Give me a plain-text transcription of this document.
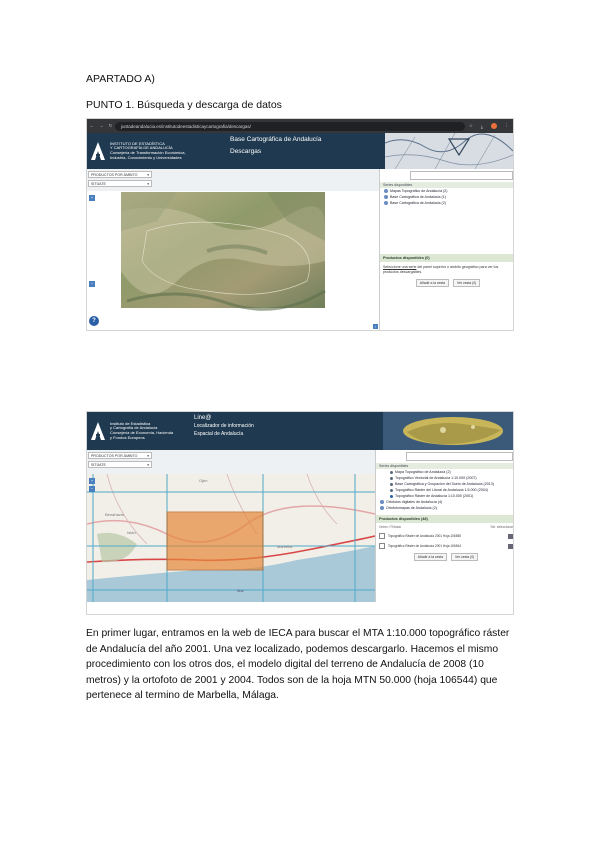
APARTADO A)
PUNTO 1. Búsqueda y descarga de datos
← → ↻	juntadeandalucia.es/institutodeestadisticaycartografia/descargas/	☆ ⤓	⋮
INSTITUTO DE ESTADÍSTICA
Y CARTOGRAFÍA DE ANDALUCÍA
Consejería de Transformación Económica,
Industria, Conocimiento y Universidades
Base Cartográfica de Andalucía
Descargas
PRODUCTOS POR ÁMBITO	▾
SITÚATE	▾
+
−
?
‹
Series disponibles
Mapas Topográfico de Andalucía (2)
Base Cartográfica de Andalucía (1)
Base Cartográfica de Andalucía (2)
Productos disponibles (0)
Seleccione una serie del panel superior o ámbito geográfico para ver los productos descargables.
Añadir a la cesta	Ver cesta (0)
Instituto de Estadística
y Cartografía de Andalucía
Consejería de Economía, Hacienda
y Fondos Europeos
Line@
Localizador de información
Espacial de Andalucía
PRODUCTOS POR ÁMBITO	▾
SITÚATE	▾
Ojén
Istán
Marbella
Benahavís
Mar
+
−
Series disponibles
Mapa Topográfico de Andalucía (2)
Topográfico Vectorial de Andalucía 1:10.000 (2007)
Base Cartográfica y Ocupación del Suelo de Andalucía (2013)
Topográfico Ráster del Litoral de Andalucía 1:5.000 (2004)
Topográfico Ráster de Andalucía 1:10.000 (2001)
Ortofotos digitales de Andalucía (4)
Ortofotomapas de Andalucía (2)
Productos disponibles (48)
Orden / Filtrado	Sel. seleccionar
Topográfico Ráster de Andalucía 2001 Hoja 106555
Topográfico Ráster de Andalucía 2001 Hoja 106544
Añadir a la cesta	Ver cesta (0)
En primer lugar, entramos en la web de IECA para buscar el MTA 1:10.000 topográfico ráster de Andalucía del año 2001. Una vez localizado, podemos descargarlo. Hacemos el mismo procedimiento con los otros dos, el modelo digital del terreno de Andalucía de 2008 (10 metros) y la ortofoto de 2001 y 2004. Todos son de la hoja MTN 50.000 (hoja 106544) que pertenece al termino de Marbella, Málaga.
